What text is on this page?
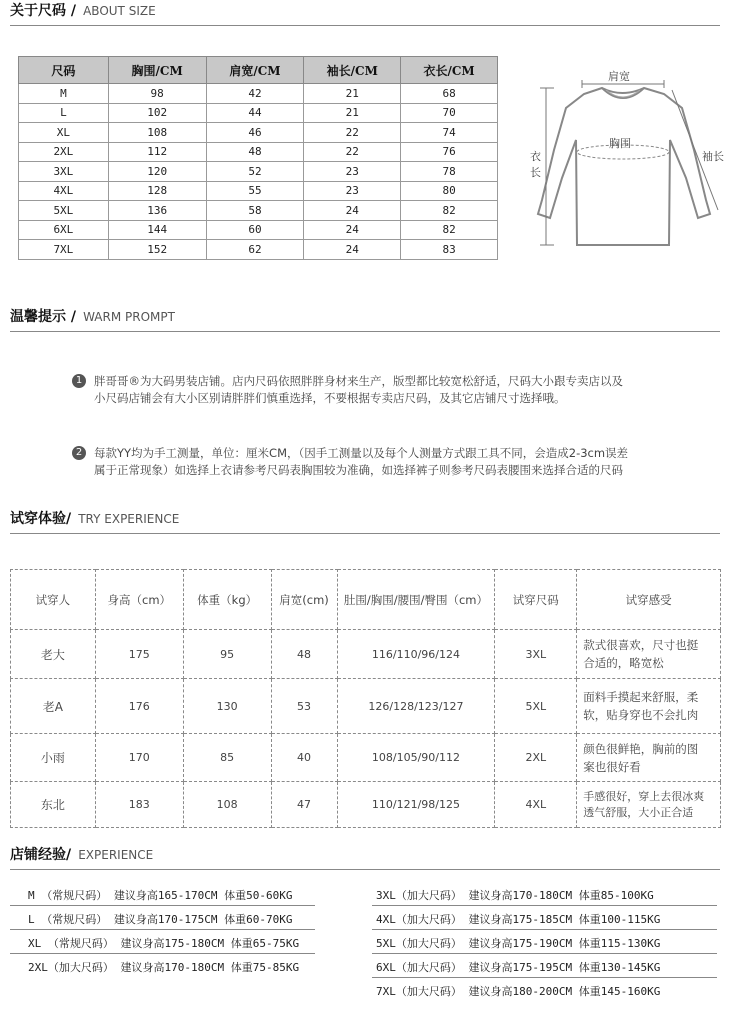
关于尺码 / $^{ABOUT SIZE}$
尺码	胸围/CM	肩宽/CM	袖长/CM	衣长/CM
M	98	42	21	68
L	102	44	21	70
XL	108	46	22	74
2XL	112	48	22	76
3XL	120	52	23	78
4XL	128	55	23	80
5XL	136	58	24	82
6XL	144	60	24	82
7XL	152	62	24	83
肩宽
胸围
袖长
衣
长
温馨提示 / $^{WARM PROMPT}$
1	胖哥哥®为大码男装店铺。店内尺码依照胖胖身材来生产，版型都比较宽松舒适，尺码大小跟专卖店以及
小尺码店铺会有大小区别请胖胖们慎重选择，不要根据专卖店尺码，及其它店铺尺寸选择哦。
2	每款YY均为手工测量，单位：厘米CM，（因手工测量以及每个人测量方式跟工具不同，会造成2-3cm误差
属于正常现象）如选择上衣请参考尺码表胸围较为准确，如选择裤子则参考尺码表腰围来选择合适的尺码
试穿体验/ $^{TRY EXPERIENCE}$
试穿人	身高（cm）	体重（kg）	肩宽(cm)	肚围/胸围/腰围/臀围（cm）	试穿尺码	试穿感受
老大	175	95	48	116/110/96/124	3XL	款式很喜欢，尺寸也挺
合适的，略宽松

老A	176	130	53	126/128/123/127	5XL	面料手摸起来舒服，柔
软，贴身穿也不会扎肉

小雨	170	85	40	108/105/90/112	2XL	颜色很鲜艳，胸前的图
案也很好看

东北	183	108	47	110/121/98/125	4XL	手感很好，穿上去很冰爽
透气舒服，大小正合适
店铺经验/ $^{EXPERIENCE}$
M （常规尺码） 建议身高165-170CM 体重50-60KG
L （常规尺码） 建议身高170-175CM 体重60-70KG
XL （常规尺码） 建议身高175-180CM 体重65-75KG
2XL（加大尺码） 建议身高170-180CM 体重75-85KG
3XL（加大尺码） 建议身高170-180CM 体重85-100KG
4XL（加大尺码） 建议身高175-185CM 体重100-115KG
5XL（加大尺码） 建议身高175-190CM 体重115-130KG
6XL（加大尺码） 建议身高175-195CM 体重130-145KG
7XL（加大尺码） 建议身高180-200CM 体重145-160KG
